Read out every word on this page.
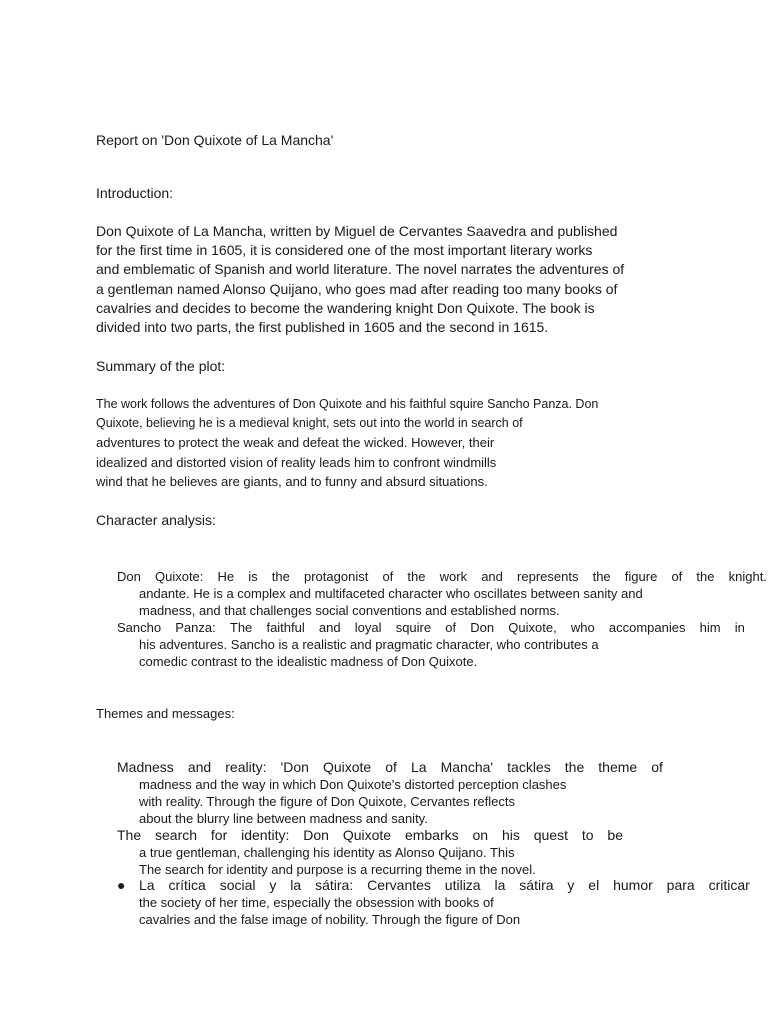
Report on 'Don Quixote of La Mancha'
Introduction:
Don Quixote of La Mancha, written by Miguel de Cervantes Saavedra and published
for the first time in 1605, it is considered one of the most important literary works
and emblematic of Spanish and world literature. The novel narrates the adventures of
a gentleman named Alonso Quijano, who goes mad after reading too many books of
cavalries and decides to become the wandering knight Don Quixote. The book is
divided into two parts, the first published in 1605 and the second in 1615.
Summary of the plot:
The work follows the adventures of Don Quixote and his faithful squire Sancho Panza. Don
Quixote, believing he is a medieval knight, sets out into the world in search of
adventures to protect the weak and defeat the wicked. However, their
idealized and distorted vision of reality leads him to confront windmills
wind that he believes are giants, and to funny and absurd situations.
Character analysis:
Don Quixote: He is the protagonist of the work and represents the figure of the knight.
andante. He is a complex and multifaceted character who oscillates between sanity and
madness, and that challenges social conventions and established norms.
Sancho Panza: The faithful and loyal squire of Don Quixote, who accompanies him in
his adventures. Sancho is a realistic and pragmatic character, who contributes a
comedic contrast to the idealistic madness of Don Quixote.
Themes and messages:
Madness and reality: 'Don Quixote of La Mancha' tackles the theme of
madness and the way in which Don Quixote's distorted perception clashes
with reality. Through the figure of Don Quixote, Cervantes reflects
about the blurry line between madness and sanity.
The search for identity: Don Quixote embarks on his quest to be
a true gentleman, challenging his identity as Alonso Quijano. This
The search for identity and purpose is a recurring theme in the novel.
● La crítica social y la sátira: Cervantes utiliza la sátira y el humor para criticar
the society of her time, especially the obsession with books of
cavalries and the false image of nobility. Through the figure of Don
